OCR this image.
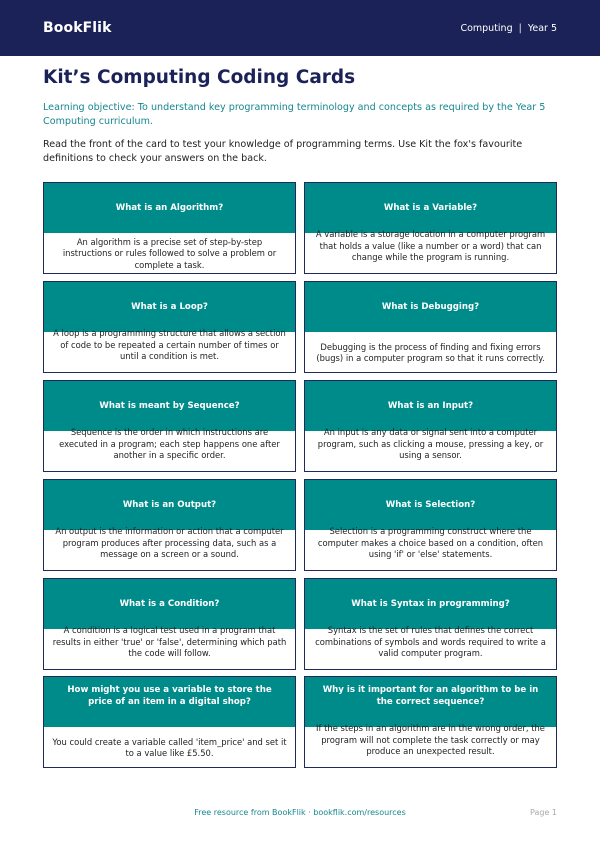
BookFlik	Computing | Year 5
Kit’s Computing Coding Cards

Learning objective: To understand key programming terminology and concepts as required by the Year 5 Computing curriculum.

Read the front of the card to test your knowledge of programming terms. Use Kit the fox's favourite definitions to check your answers on the back.

What is an Algorithm?
An algorithm is a precise set of step-by-step instructions or rules followed to solve a problem or complete a task.
What is a Variable?
A variable is a storage location in a computer program that holds a value (like a number or a word) that can change while the program is running.
What is a Loop?
A loop is a programming structure that allows a section of code to be repeated a certain number of times or until a condition is met.
What is Debugging?
Debugging is the process of finding and fixing errors (bugs) in a computer program so that it runs correctly.
What is meant by Sequence?
Sequence is the order in which instructions are executed in a program; each step happens one after another in a specific order.
What is an Input?
An input is any data or signal sent into a computer program, such as clicking a mouse, pressing a key, or using a sensor.
What is an Output?
An output is the information or action that a computer program produces after processing data, such as a message on a screen or a sound.
What is Selection?
Selection is a programming construct where the computer makes a choice based on a condition, often using 'if' or 'else' statements.
What is a Condition?
A condition is a logical test used in a program that results in either 'true' or 'false', determining which path the code will follow.
What is Syntax in programming?
Syntax is the set of rules that defines the correct combinations of symbols and words required to write a valid computer program.
How might you use a variable to store the price of an item in a digital shop?
You could create a variable called 'item_price' and set it to a value like £5.50.
Why is it important for an algorithm to be in the correct sequence?
If the steps in an algorithm are in the wrong order, the program will not complete the task correctly or may produce an unexpected result.
Free resource from BookFlik · bookflik.com/resources	Page 1
